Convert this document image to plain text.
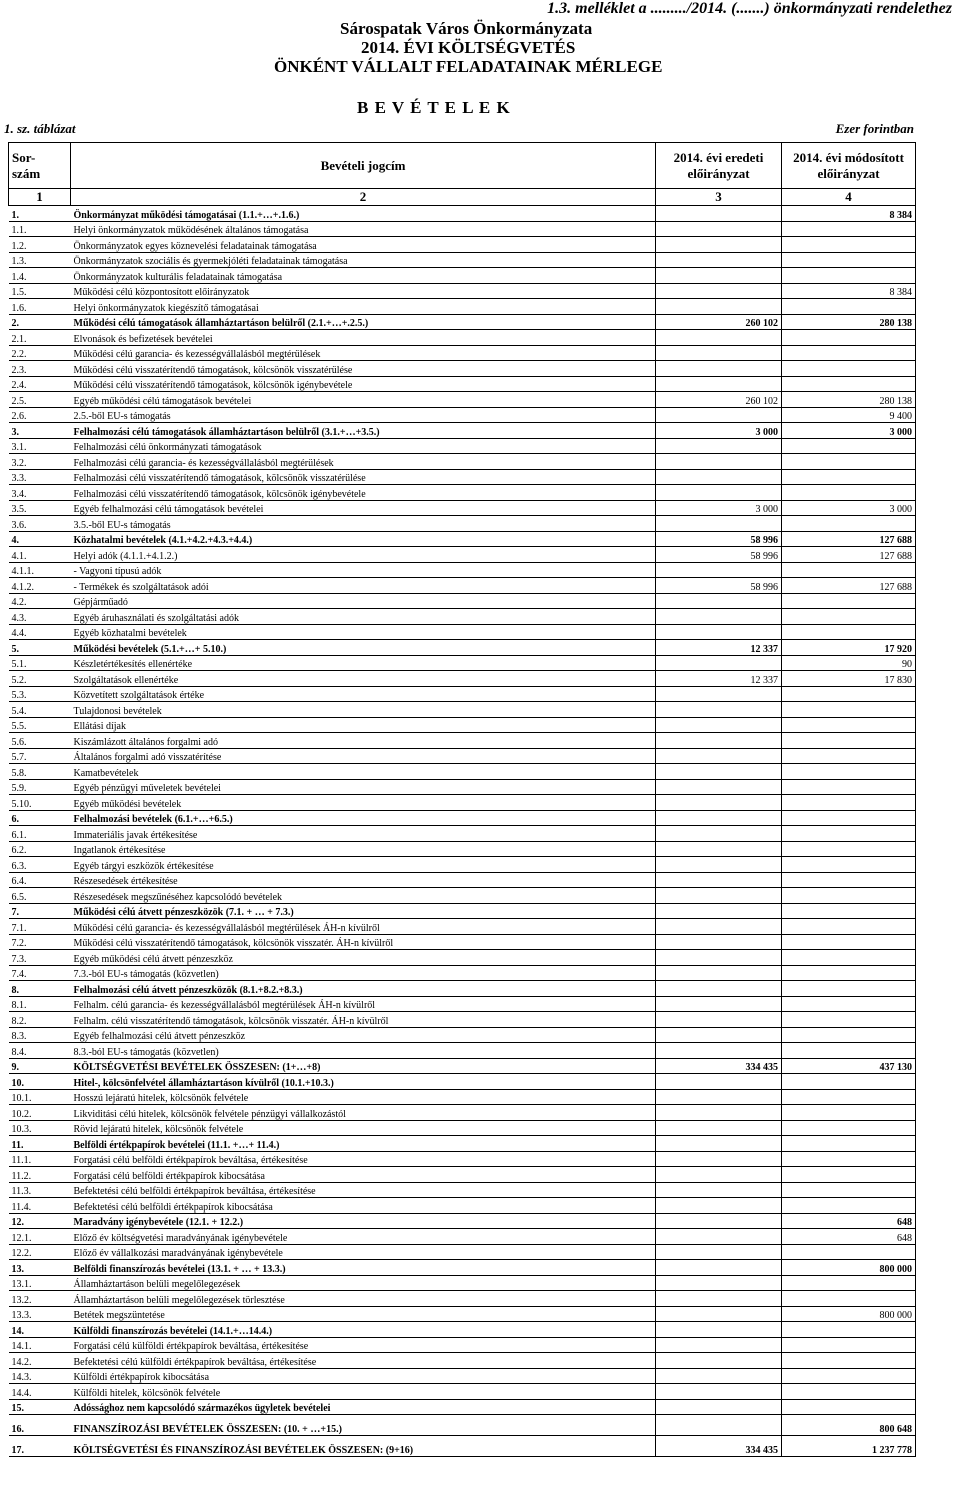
1.3. melléklet a ........./2014. (.......) önkormányzati rendelethez
Sárospatak Város Önkormányzata
2014. ÉVI KÖLTSÉGVETÉS
ÖNKÉNT VÁLLALT FELADATAINAK MÉRLEGE
B E V É T E L E K
1. sz. táblázat	Ezer forintban
Sor-
szám	Bevételi jogcím	2014. évi eredeti előirányzat	2014. évi módosított előirányzat
1	2	3	4
1.	Önkormányzat működési támogatásai (1.1.+…+.1.6.)		8 384
1.1.	Helyi önkormányzatok működésének általános támogatása		
1.2.	Önkormányzatok egyes köznevelési feladatainak támogatása		
1.3.	Önkormányzatok szociális és gyermekjóléti feladatainak támogatása		
1.4.	Önkormányzatok kulturális feladatainak támogatása		
1.5.	Működési célú központosított előirányzatok		8 384
1.6.	Helyi önkormányzatok kiegészítő támogatásai		
2.	Működési célú támogatások államháztartáson belülről (2.1.+…+.2.5.)	260 102	280 138
2.1.	Elvonások és befizetések bevételei		
2.2.	Működési célú garancia- és kezességvállalásból megtérülések		
2.3.	Működési célú visszatérítendő támogatások, kölcsönök visszatérülése		
2.4.	Működési célú visszatérítendő támogatások, kölcsönök igénybevétele		
2.5.	Egyéb működési célú támogatások bevételei	260 102	280 138
2.6.	2.5.-ből EU-s támogatás		9 400
3.	Felhalmozási célú támogatások államháztartáson belülről (3.1.+…+3.5.)	3 000	3 000
3.1.	Felhalmozási célú önkormányzati támogatások		
3.2.	Felhalmozási célú garancia- és kezességvállalásból megtérülések		
3.3.	Felhalmozási célú visszatérítendő támogatások, kölcsönök visszatérülése		
3.4.	Felhalmozási célú visszatérítendő támogatások, kölcsönök igénybevétele		
3.5.	Egyéb felhalmozási célú támogatások bevételei	3 000	3 000
3.6.	3.5.-ből EU-s támogatás		
4.	Közhatalmi bevételek (4.1.+4.2.+4.3.+4.4.)	58 996	127 688
4.1.	Helyi adók (4.1.1.+4.1.2.)	58 996	127 688
4.1.1.	- Vagyoni típusú adók		
4.1.2.	- Termékek és szolgáltatások adói	58 996	127 688
4.2.	Gépjárműadó		
4.3.	Egyéb áruhasználati és szolgáltatási adók		
4.4.	Egyéb közhatalmi bevételek		
5.	Működési bevételek (5.1.+…+ 5.10.)	12 337	17 920
5.1.	Készletértékesítés ellenértéke		90
5.2.	Szolgáltatások ellenértéke	12 337	17 830
5.3.	Közvetített szolgáltatások értéke		
5.4.	Tulajdonosi bevételek		
5.5.	Ellátási díjak		
5.6.	Kiszámlázott általános forgalmi adó		
5.7.	Általános forgalmi adó visszatérítése		
5.8.	Kamatbevételek		
5.9.	Egyéb pénzügyi műveletek bevételei		
5.10.	Egyéb működési bevételek		
6.	Felhalmozási bevételek (6.1.+…+6.5.)		
6.1.	Immateriális javak értékesítése		
6.2.	Ingatlanok értékesítése		
6.3.	Egyéb tárgyi eszközök értékesítése		
6.4.	Részesedések értékesítése		
6.5.	Részesedések megszűnéséhez kapcsolódó bevételek		
7.	Működési célú átvett pénzeszközök (7.1. + … + 7.3.)		
7.1.	Működési célú garancia- és kezességvállalásból megtérülések ÁH-n kívülről		
7.2.	Működési célú visszatérítendő támogatások, kölcsönök visszatér. ÁH-n kívülről		
7.3.	Egyéb működési célú átvett pénzeszköz		
7.4.	7.3.-ból EU-s támogatás (közvetlen)		
8.	Felhalmozási célú átvett pénzeszközök (8.1.+8.2.+8.3.)		
8.1.	Felhalm. célú garancia- és kezességvállalásból megtérülések ÁH-n kívülről		
8.2.	Felhalm. célú visszatérítendő támogatások, kölcsönök visszatér. ÁH-n kívülről		
8.3.	Egyéb felhalmozási célú átvett pénzeszköz		
8.4.	8.3.-ból EU-s támogatás (közvetlen)		
9.	KÖLTSÉGVETÉSI BEVÉTELEK ÖSSZESEN: (1+…+8)	334 435	437 130
10.	Hitel-, kölcsönfelvétel államháztartáson kívülről (10.1.+10.3.)		
10.1.	Hosszú lejáratú hitelek, kölcsönök felvétele		
10.2.	Likviditási célú hitelek, kölcsönök felvétele pénzügyi vállalkozástól		
10.3.	Rövid lejáratú hitelek, kölcsönök felvétele		
11.	Belföldi értékpapírok bevételei (11.1. +…+ 11.4.)		
11.1.	Forgatási célú belföldi értékpapírok beváltása, értékesítése		
11.2.	Forgatási célú belföldi értékpapírok kibocsátása		
11.3.	Befektetési célú belföldi értékpapírok beváltása, értékesítése		
11.4.	Befektetési célú belföldi értékpapírok kibocsátása		
12.	Maradvány igénybevétele (12.1. + 12.2.)		648
12.1.	Előző év költségvetési maradványának igénybevétele		648
12.2.	Előző év vállalkozási maradványának igénybevétele		
13.	Belföldi finanszírozás bevételei (13.1. + … + 13.3.)		800 000
13.1.	Államháztartáson belüli megelőlegezések		
13.2.	Államháztartáson belüli megelőlegezések törlesztése		
13.3.	Betétek megszüntetése		800 000
14.	Külföldi finanszírozás bevételei (14.1.+…14.4.)		
14.1.	Forgatási célú külföldi értékpapírok beváltása, értékesítése		
14.2.	Befektetési célú külföldi értékpapírok beváltása, értékesítése		
14.3.	Külföldi értékpapírok kibocsátása		
14.4.	Külföldi hitelek, kölcsönök felvétele		
15.	Adóssághoz nem kapcsolódó származékos ügyletek bevételei		
16.	FINANSZÍROZÁSI BEVÉTELEK ÖSSZESEN: (10. + …+15.)		800 648
17.	KÖLTSÉGVETÉSI ÉS FINANSZÍROZÁSI BEVÉTELEK ÖSSZESEN: (9+16)	334 435	1 237 778
